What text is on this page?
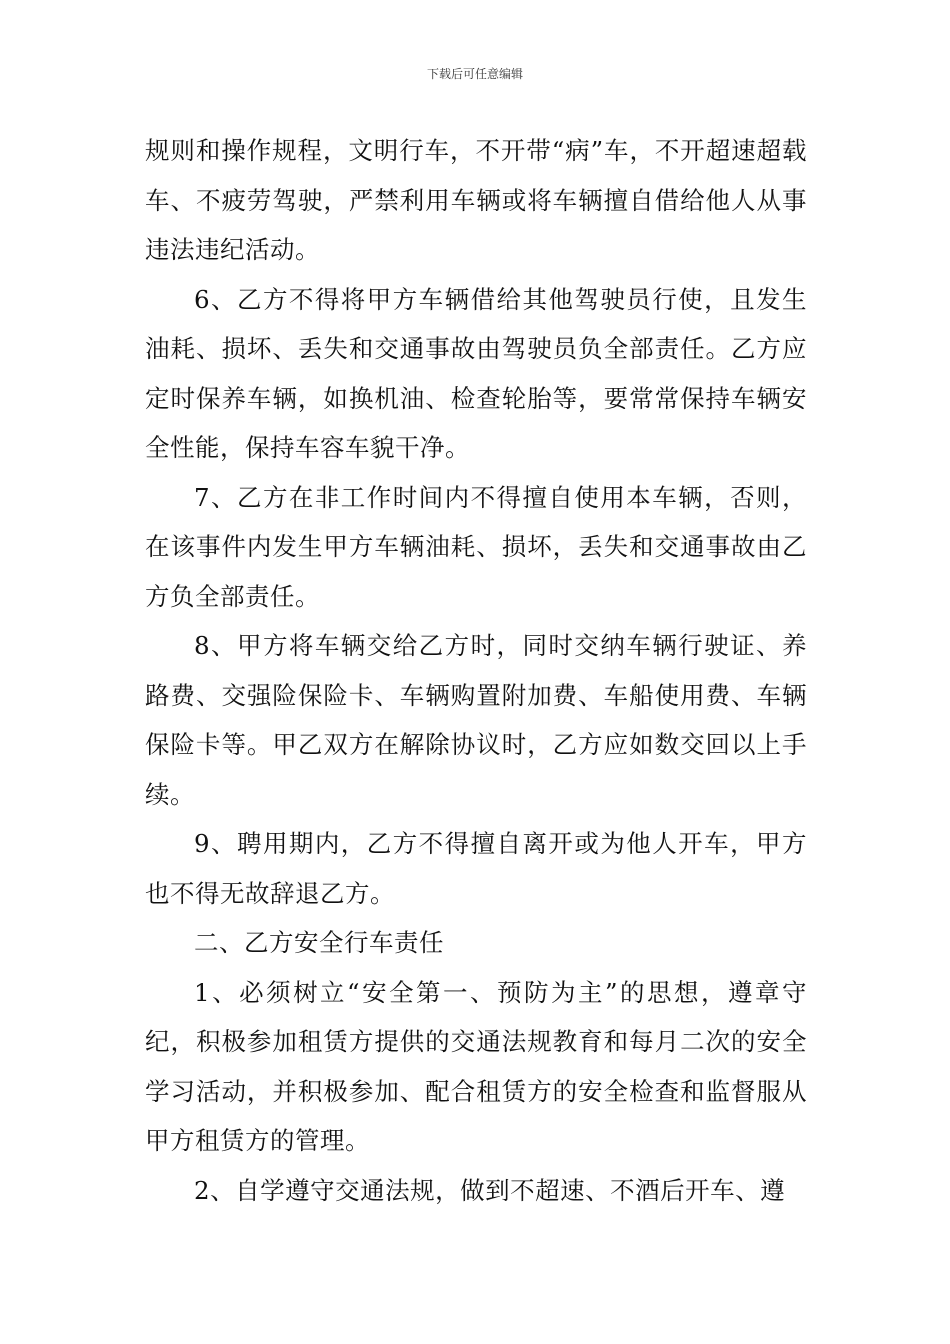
下载后可任意编辑

规则和操作规程，文明行车，不开带“病”车，不开超速超载车、不疲劳驾驶，严禁利用车辆或将车辆擅自借给他人从事违法违纪活动。

6、乙方不得将甲方车辆借给其他驾驶员行使，且发生油耗、损坏、丢失和交通事故由驾驶员负全部责任。乙方应定时保养车辆，如换机油、检查轮胎等，要常常保持车辆安全性能，保持车容车貌干净。

7、乙方在非工作时间内不得擅自使用本车辆，否则，在该事件内发生甲方车辆油耗、损坏，丢失和交通事故由乙方负全部责任。

8、甲方将车辆交给乙方时，同时交纳车辆行驶证、养路费、交强险保险卡、车辆购置附加费、车船使用费、车辆保险卡等。甲乙双方在解除协议时，乙方应如数交回以上手续。

9、聘用期内，乙方不得擅自离开或为他人开车，甲方也不得无故辞退乙方。

二、乙方安全行车责任

1、必须树立“安全第一、预防为主”的思想，遵章守纪，积极参加租赁方提供的交通法规教育和每月二次的安全学习活动，并积极参加、配合租赁方的安全检查和监督服从甲方租赁方的管理。

2、自学遵守交通法规，做到不超速、不酒后开车、遵
